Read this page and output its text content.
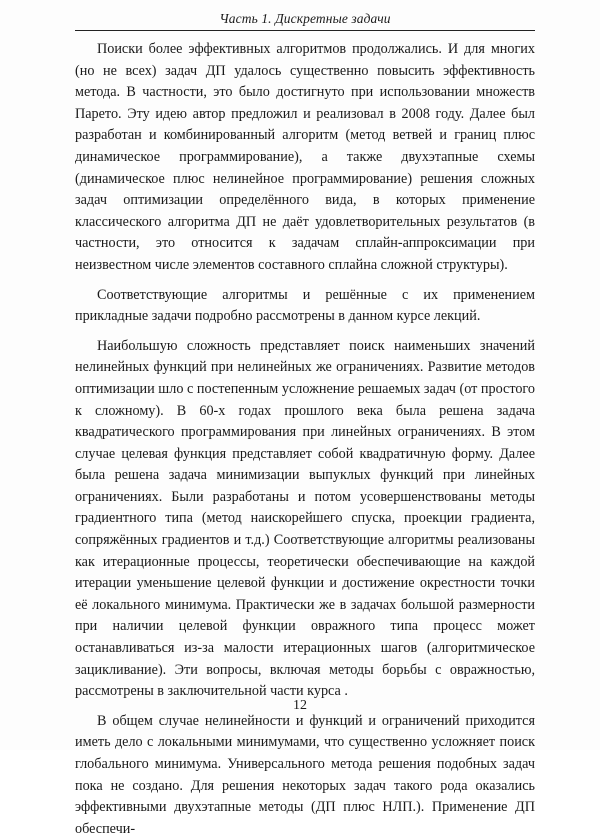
Часть 1. Дискретные задачи

Поиски более эффективных алгоритмов продолжались. И для многих (но не всех) задач ДП удалось существенно повысить эффективность метода. В частности, это было достигнуто при использовании множеств Парето. Эту идею автор предложил и реализовал в 2008 году. Далее был разработан и комбинированный алгоритм (метод ветвей и границ плюс динамическое программирование), а также двухэтапные схемы (динамическое плюс нелинейное программирование) решения сложных задач оптимизации определённого вида, в которых применение классического алгоритма ДП не даёт удовлетворительных результатов (в частности, это относится к задачам сплайн-аппроксимации при неизвестном числе элементов составного сплайна сложной структуры).

Соответствующие алгоритмы и решённые с их применением прикладные задачи подробно рассмотрены в данном курсе лекций.

Наибольшую сложность представляет поиск наименьших значений нелинейных функций при нелинейных же ограничениях. Развитие методов оптимизации шло с постепенным усложнение решаемых задач (от простого к сложному). В 60-х годах прошлого века была решена задача квадратического программирования при линейных ограничениях. В этом случае целевая функция представляет собой квадратичную форму. Далее была решена задача минимизации выпуклых функций при линейных ограничениях. Были разработаны и потом усовершенствованы методы градиентного типа (метод наискорейшего спуска, проекции градиента, сопряжённых градиентов и т.д.) Соответствующие алгоритмы реализованы как итерационные процессы, теоретически обеспечивающие на каждой итерации уменьшение целевой функции и достижение окрестности точки её локального минимума. Практически же в задачах большой размерности при наличии целевой функции овражного типа процесс может останавливаться из-за малости итерационных шагов (алгоритмическое зацикливание). Эти вопросы, включая методы борьбы с овражностью, рассмотрены в заключительной части курса .

В общем случае нелинейности и функций и ограничений приходится иметь дело с локальными минимумами, что существенно усложняет поиск глобального минимума. Универсального метода решения подобных задач пока не создано. Для решения некоторых задач такого рода оказались эффективными двухэтапные методы (ДП плюс НЛП.). Применение ДП обеспечи-

12
